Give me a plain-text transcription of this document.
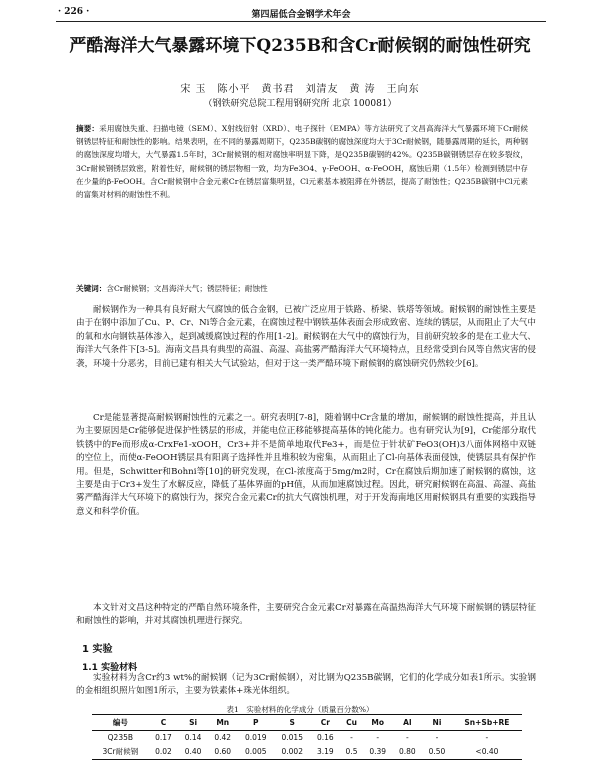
· 226 ·	第四届低合金钢学术年会
严酷海洋大气暴露环境下Q235B和含Cr耐候钢的耐蚀性研究
宋 玉　陈小平　黄书君　刘清友　黄 涛　王向东
（钢铁研究总院工程用钢研究所 北京 100081）
摘要：采用腐蚀失重、扫描电镜（SEM）、X射线衍射（XRD）、电子探针（EMPA）等方法研究了文昌高海洋大气暴露环境下Cr耐候钢锈层特征和耐蚀性的影响。结果表明，在不同的暴露周期下，Q235B碳钢的腐蚀深度均大于3Cr耐候钢，随暴露周期的延长，两种钢的腐蚀深度均增大，大气暴露1.5年时，3Cr耐候钢的相对腐蚀率明显下降，是Q235B碳钢的42%。Q235B碳钢锈层存在较多裂纹，3Cr耐候钢锈层致密，附着性好，耐候钢的锈层物相一致，均为Fe3O4、γ-FeOOH、α-FeOOH，腐蚀后期（1.5年）检测到锈层中存在少量的β-FeOOH。含Cr耐候钢中合金元素Cr在锈层富集明显，Cl元素基本被阻滞在外锈层，提高了耐蚀性；Q235B碳钢中Cl元素的富集对材料的耐蚀性不利。
关键词：含Cr耐候钢；文昌海洋大气；锈层特征；耐蚀性

耐候钢作为一种具有良好耐大气腐蚀的低合金钢，已被广泛应用于铁路、桥梁、铁塔等领域。耐候钢的耐蚀性主要是由于在钢中添加了Cu、P、Cr、Ni等合金元素，在腐蚀过程中钢铁基体表面会形成致密、连续的锈层，从而阻止了大气中的氧和水向钢铁基体渗入，起到减缓腐蚀过程的作用[1-2]。耐候钢在大气中的腐蚀行为，目前研究较多的是在工业大气、海洋大气条件下[3-5]。海南文昌具有典型的高温、高湿、高盐雾严酷海洋大气环境特点，且经常受到台风等自然灾害的侵袭，环境十分恶劣，目前已建有相关大气试验站，但对于这一类严酷环境下耐候钢的腐蚀研究仍然较少[6]。

Cr是能显著提高耐候钢耐蚀性的元素之一。研究表明[7-8]，随着钢中Cr含量的增加，耐候钢的耐蚀性提高，并且认为主要原因是Cr能够促进保护性锈层的形成，并能电位正移能够提高基体的钝化能力。也有研究认为[9]，Cr能部分取代铁锈中的Fe而形成α-CrxFe1-xOOH，Cr3+并不是简单地取代Fe3+，而是位于针状矿FeO3(OH)3八面体网格中双链的空位上，而使α-FeOOH锈层具有阳离子选择性并且堆积较为密集，从而阻止了Cl-向基体表面侵蚀，使锈层具有保护作用。但是，Schwitter和Bohni等[10]的研究发现，在Cl-浓度高于5mg/m2时，Cr在腐蚀后期加速了耐候钢的腐蚀，这主要是由于Cr3+发生了水解反应，降低了基体界面的pH值，从而加速腐蚀过程。因此，研究耐候钢在高温、高湿、高盐雾严酷海洋大气环境下的腐蚀行为，探究合金元素Cr的抗大气腐蚀机理，对于开发海南地区用耐候钢具有重要的实践指导意义和科学价值。

本文针对文昌这种特定的严酷自然环境条件，主要研究合金元素Cr对暴露在高温热海洋大气环境下耐候钢的锈层特征和耐蚀性的影响，并对其腐蚀机理进行探究。

1 实验
1.1 实验材料

实验材料为含Cr约3 wt%的耐候钢（记为3Cr耐候钢），对比钢为Q235B碳钢，它们的化学成分如表1所示。实验钢的金相组织照片如图1所示，主要为铁素体+珠光体组织。

表1　实验材料的化学成分（质量百分数%）
编号	C	Si	Mn	P	S	Cr	Cu	Mo	Al	Ni	Sn+Sb+RE
Q235B	0.17	0.14	0.42	0.019	0.015	0.16	-	-	-	-	-
3Cr耐候钢	0.02	0.40	0.60	0.005	0.002	3.19	0.5	0.39	0.80	0.50	<0.40
